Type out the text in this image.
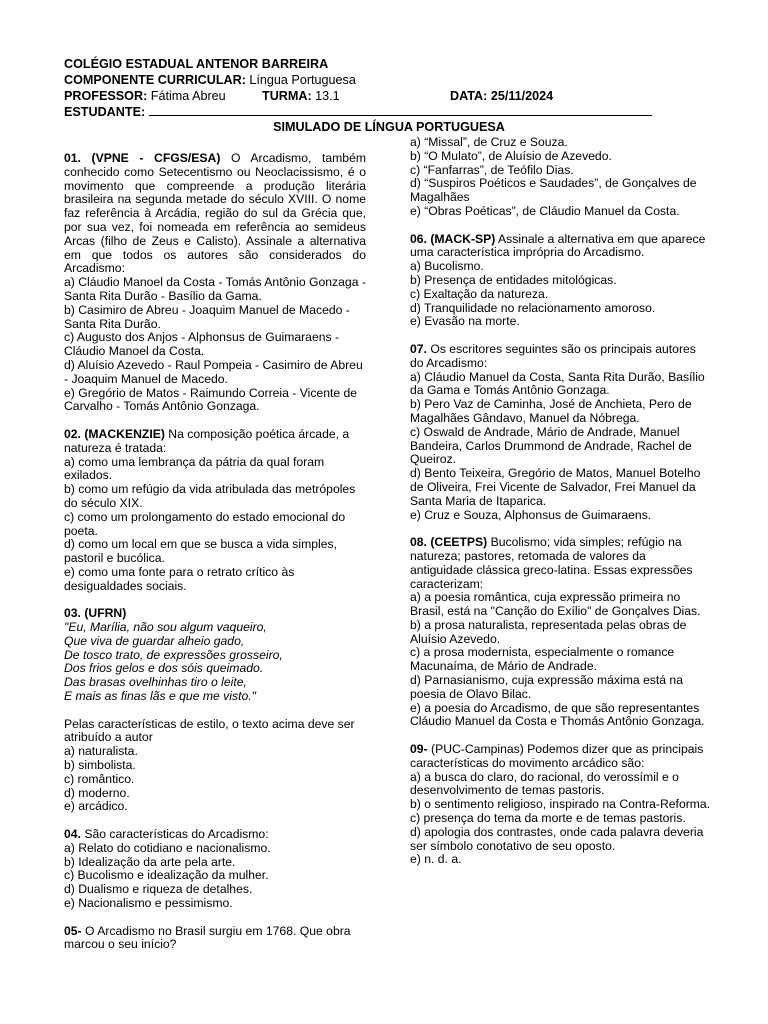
COLÉGIO ESTADUAL ANTENOR BARREIRA
COMPONENTE CURRICULAR: Língua Portuguesa
PROFESSOR: Fátima Abreu	TURMA: 13.1	DATA: 25/11/2024
ESTUDANTE:
SIMULADO DE LÍNGUA PORTUGUESA

01. (VPNE - CFGS/ESA) O Arcadismo, também conhecido como Setecentismo ou Neoclacissismo, é o movimento que compreende a produção literária brasileira na segunda metade do século XVIII. O nome faz referência à Arcádia, região do sul da Grécia que, por sua vez, foi nomeada em referência ao semideus Arcas (filho de Zeus e Calisto). Assinale a alternativa em que todos os autores são considerados do Arcadismo:

a) Cláudio Manoel da Costa - Tomás Antônio Gonzaga - Santa Rita Durão - Basílio da Gama.

b) Casimiro de Abreu - Joaquim Manuel de Macedo - Santa Rita Durão.

c) Augusto dos Anjos - Alphonsus de Guimaraens - Cláudio Manoel da Costa.

d) Aluísio Azevedo - Raul Pompeia - Casimiro de Abreu - Joaquim Manuel de Macedo.

e) Gregório de Matos - Raimundo Correia - Vicente de Carvalho - Tomás Antônio Gonzaga.

02. (MACKENZIE) Na composição poética árcade, a natureza é tratada:

a) como uma lembrança da pátria da qual foram exilados.

b) como um refúgio da vida atribulada das metrópoles do século XIX.

c) como um prolongamento do estado emocional do poeta.

d) como um local em que se busca a vida simples, pastoril e bucólica.

e) como uma fonte para o retrato crítico às desigualdades sociais.

03. (UFRN)

"Eu, Marília, não sou algum vaqueiro,

Que viva de guardar alheio gado,

De tosco trato, de expressões grosseiro,

Dos frios gelos e dos sóis queimado.

Das brasas ovelhinhas tiro o leite,

E mais as finas lãs e que me visto."

Pelas características de estilo, o texto acima deve ser atribuído a autor

a) naturalista.

b) simbolista.

c) romântico.

d) moderno.

e) arcádico.

04. São características do Arcadismo:

a) Relato do cotidiano e nacionalismo.

b) Idealização da arte pela arte.

c) Bucolismo e idealização da mulher.

d) Dualismo e riqueza de detalhes.

e) Nacionalismo e pessimismo.

05- O Arcadismo no Brasil surgiu em 1768. Que obra marcou o seu início?

a) “Missal”, de Cruz e Souza.

b) “O Mulato”, de Aluísio de Azevedo.

c) “Fanfarras”, de Teófilo Dias.

d) “Suspiros Poéticos e Saudades”, de Gonçalves de Magalhães

e) “Obras Poéticas”, de Cláudio Manuel da Costa.

06. (MACK-SP) Assinale a alternativa em que aparece uma característica imprópria do Arcadismo.

a) Bucolismo.

b) Presença de entidades mitológicas.

c) Exaltação da natureza.

d) Tranquilidade no relacionamento amoroso.

e) Evasão na morte.

07. Os escritores seguintes são os principais autores do Arcadismo:

a) Cláudio Manuel da Costa, Santa Rita Durão, Basílio da Gama e Tomás Antônio Gonzaga.

b) Pero Vaz de Caminha, José de Anchieta, Pero de Magalhães Gândavo, Manuel da Nóbrega.

c) Oswald de Andrade, Mário de Andrade, Manuel Bandeira, Carlos Drummond de Andrade, Rachel de Queiroz.

d) Bento Teixeira, Gregório de Matos, Manuel Botelho de Oliveira, Frei Vicente de Salvador, Frei Manuel da Santa Maria de Itaparica.

e) Cruz e Souza, Alphonsus de Guimaraens.

08. (CEETPS) Bucolismo; vida simples; refúgio na natureza; pastores, retomada de valores da antiguidade clássica greco-latina. Essas expressões caracterizam:

a) a poesia romântica, cuja expressão primeira no Brasil, está na "Canção do Exílio" de Gonçalves Dias.

b) a prosa naturalista, representada pelas obras de Aluísio Azevedo.

c) a prosa modernista, especialmente o romance Macunaíma, de Mário de Andrade.

d) Parnasianismo, cuja expressão máxima está na poesia de Olavo Bilac.

e) a poesia do Arcadismo, de que são representantes Cláudio Manuel da Costa e Thomás Antônio Gonzaga.

09- (PUC-Campinas) Podemos dizer que as principais características do movimento arcádico são:

a) a busca do claro, do racional, do verossímil e o desenvolvimento de temas pastoris.

b) o sentimento religioso, inspirado na Contra-Reforma.

c) presença do tema da morte e de temas pastoris.

d) apologia dos contrastes, onde cada palavra deveria ser símbolo conotativo de seu oposto.

e) n. d. a.
